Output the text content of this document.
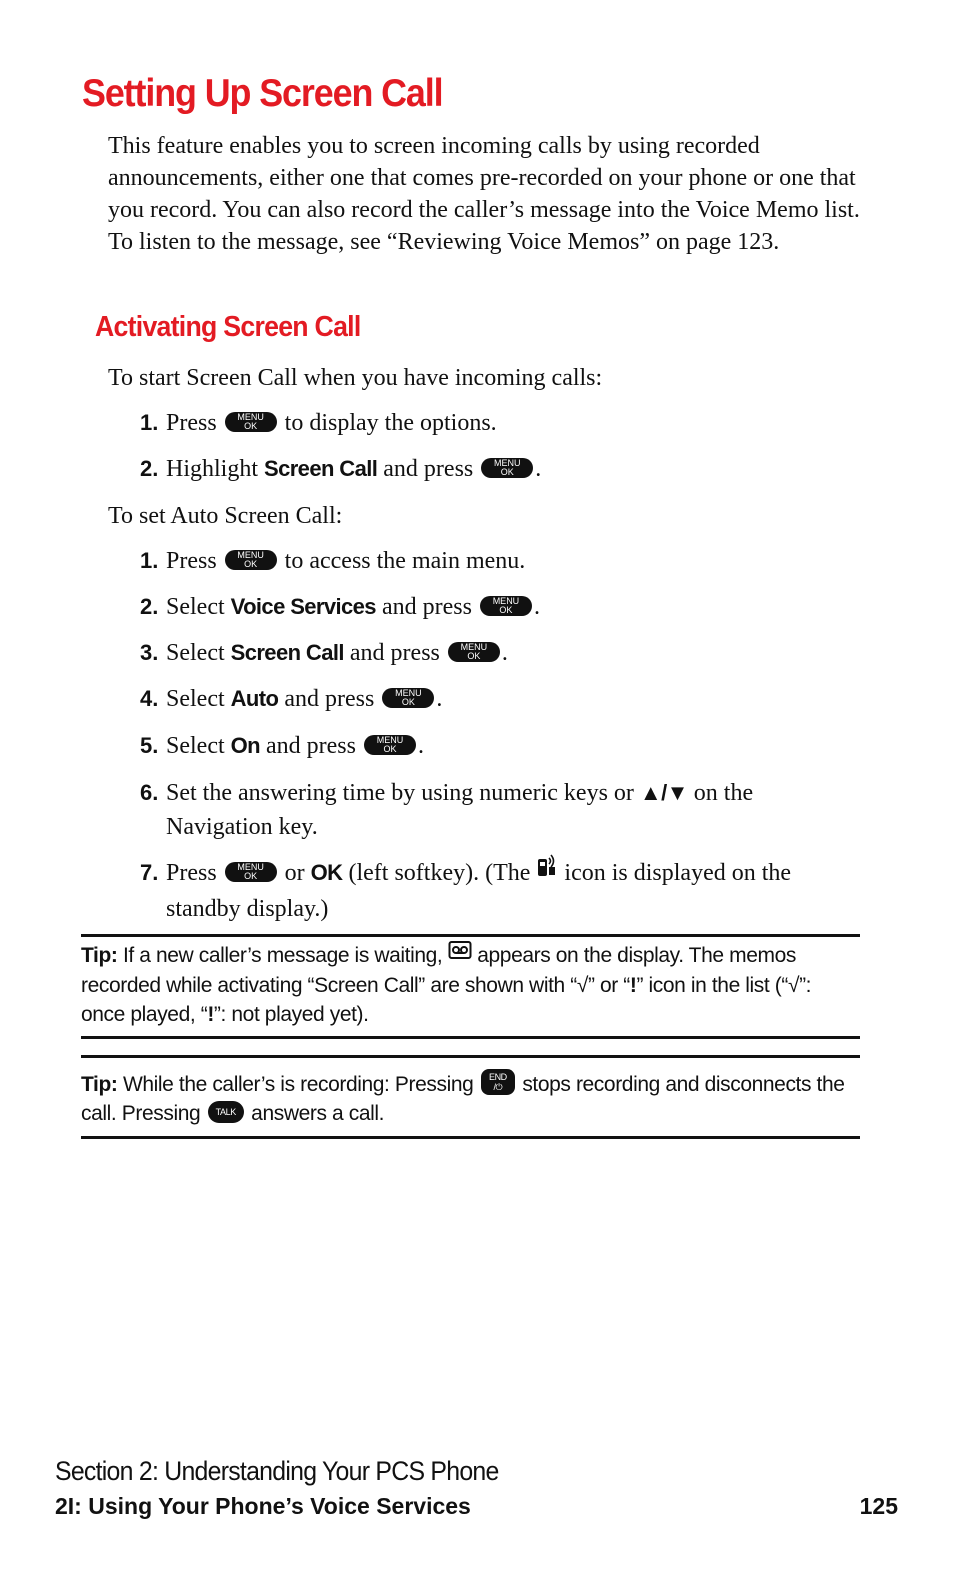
Setting Up Screen Call

This feature enables you to screen incoming calls by using recorded announcements, either one that comes pre-recorded on your phone or one that you record. You can also record the caller’s message into the Voice Memo list. To listen to the message, see “Reviewing Voice Memos” on page 123.

Activating Screen Call

To start Screen Call when you have incoming calls:

1. Press	MENU
OK	to display the options.
2. Highlight Screen Call and press	MENU
OK .

To set Auto Screen Call:

1. Press	MENU
OK	to access the main menu.
2. Select Voice Services and press	MENU
OK .
3. Select Screen Call and press	MENU
OK .
4. Select Auto and press	MENU
OK .
5. Select On and press	MENU
OK .
6. Set the answering time by using numeric keys or ▲/▼ on the Navigation key.
7. Press	MENU
OK	or OK (left softkey). (The icon is displayed on the standby display.)

Tip: If a new caller’s message is waiting, appears on the display. The memos recorded while activating “Screen Call” are shown with “√” or “!” icon in the list (“√”: once played, “!”: not played yet).

Tip: While the caller’s is recording: Pressing	END
/⏻ stops recording and disconnects the call. Pressing TALK answers a call.

Section 2: Understanding Your PCS Phone

2I: Using Your Phone’s Voice Services	125
